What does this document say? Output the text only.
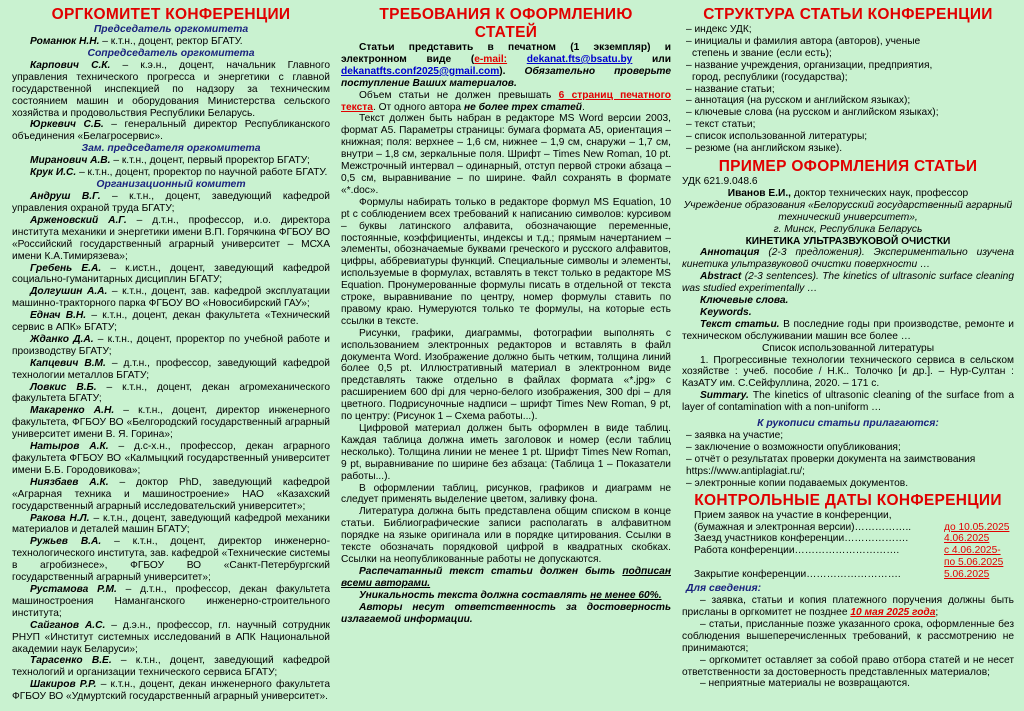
ОРГКОМИТЕТ КОНФЕРЕНЦИИ

Председатель оргкомитета

Романюк Н.Н. – к.т.н., доцент, ректор БГАТУ.

Сопредседатель оргкомитета

Карпович С.К. – к.э.н., доцент, начальник Главного управления технического прогресса и энергетики с главной государственной инспекцией по надзору за техническим состоянием машин и оборудования Министерства сельского хозяйства и продовольствия Республики Беларусь.

Юркевич С.Б. – генеральный директор Республиканского объединения «Белагросервис».

Зам. председателя оргкомитета

Миранович А.В. – к.т.н., доцент, первый проректор БГАТУ;

Крук И.С. – к.т.н., доцент, проректор по научной работе БГАТУ.

Организационный комитет

Андруш В.Г. – к.т.н., доцент, заведующий кафедрой управления охраной труда БГАТУ;

Арженовский А.Г. – д.т.н., профессор, и.о. директора института механики и энергетики имени В.П. Горячкина ФГБОУ ВО «Российский государственный аграрный университет – МСХА имени К.А.Тимирязева»;

Гребень Е.А. – к.ист.н., доцент, заведующий кафедрой социально-гуманитарных дисциплин БГАТУ;

Долгушин А.А. – к.т.н., доцент, зав. кафедрой эксплуатации машинно-тракторного парка ФГБОУ ВО «Новосибирский ГАУ»;

Еднач В.Н. – к.т.н., доцент, декан факультета «Технический сервис в АПК» БГАТУ;

Жданко Д.А. – к.т.н., доцент, проректор по учебной работе и производству БГАТУ;

Капцевич В.М. – д.т.н., профессор, заведующий кафедрой технологии металлов БГАТУ;

Ловкис В.Б. – к.т.н., доцент, декан агромеханического факультета БГАТУ;

Макаренко А.Н. – к.т.н., доцент, директор инженерного факультета, ФГБОУ ВО «Белгородский государственный аграрный университет имени В. Я. Горина»;

Натыров А.К. – д.с-х.н., профессор, декан аграрного факультета ФГБОУ ВО «Калмыцкий государственный университет имени Б.Б. Городовикова»;

Ниязбаев А.К. – доктор PhD, заведующий кафедрой «Аграрная техника и машиностроение» НАО «Казахский государственный аграрный исследовательский университет»;

Ракова Н.Л. – к.т.н., доцент, заведующий кафедрой механики материалов и деталей машин БГАТУ;

Ружьев В.А. – к.т.н., доцент, директор инженерно-технологического института, зав. кафедрой «Технические системы в агробизнесе», ФГБОУ ВО «Санкт-Петербургский государственный аграрный университет»;

Рустамова Р.М. – д.т.н., профессор, декан факультета машиностроения Наманганского инженерно-строительного института;

Сайганов А.С. – д.э.н., профессор, гл. научный сотрудник РНУП «Институт системных исследований в АПК Национальной академии наук Беларуси»;

Тарасенко В.Е. – к.т.н., доцент, заведующий кафедрой технологий и организации технического сервиса БГАТУ;

Шакиров Р.Р. – к.т.н., доцент, декан инженерного факультета ФГБОУ ВО «Удмуртский государственный аграрный университет».

ТРЕБОВАНИЯ К ОФОРМЛЕНИЮ
СТАТЕЙ

Статьи представить в печатном (1 экземпляр) и электронном виде (e-mail: dekanat.fts@bsatu.by или dekanatfts.conf2025@gmail.com). Обязательно проверьте поступление Ваших материалов.

Объем статьи не должен превышать 6 страниц печатного текста. От одного автора не более трех статей.

Текст должен быть набран в редакторе MS Word версии 2003, формат А5. Параметры страницы: бумага формата А5, ориентация – книжная; поля: верхнее – 1,6 см, нижнее – 1,9 см, снаружи – 1,7 см, внутри – 1,8 см, зеркальные поля. Шрифт – Times New Roman, 10 pt. Межстрочный интервал – одинарный, отступ первой строки абзаца – 0,5 см, выравнивание – по ширине. Файл сохранять в формате «*.doc».

Формулы набирать только в редакторе формул MS Equation, 10 pt с соблюдением всех требований к написанию символов: курсивом – буквы латинского алфавита, обозначающие переменные, постоянные, коэффициенты, индексы и т.д.; прямым начертанием – элементы, обозначаемые буквами греческого и русского алфавитов, цифры, аббревиатуры функций. Специальные символы и элементы, используемые в формулах, вставлять в текст только в редакторе MS Equation. Пронумерованные формулы писать в отдельной от текста строке, выравнивание по центру, номер формулы ставить по правому краю. Нумеруются только те формулы, на которые есть ссылки в тексте.

Рисунки, графики, диаграммы, фотографии выполнять с использованием электронных редакторов и вставлять в файл документа Word. Изображение должно быть четким, толщина линий более 0,5 pt. Иллюстративный материал в электронном виде представлять также отдельно в файлах формата «*.jpg» с расширением 600 dpi для черно-белого изображения, 300 dpi – для цветного. Подрисуночные надписи – шрифт Times New Roman, 9 pt, по центру: (Рисунок 1 – Схема работы...).

Цифровой материал должен быть оформлен в виде таблиц. Каждая таблица должна иметь заголовок и номер (если таблиц несколько). Толщина линии не менее 1 pt. Шрифт Times New Roman, 9 pt, выравнивание по ширине без абзаца: (Таблица 1 – Показатели работы...).

В оформлении таблиц, рисунков, графиков и диаграмм не следует применять выделение цветом, заливку фона.

Литература должна быть представлена общим списком в конце статьи. Библиографические записи располагать в алфавитном порядке на языке оригинала или в порядке цитирования. Ссылки в тексте обозначать порядковой цифрой в квадратных скобках. Ссылки на неопубликованные работы не допускаются.

Распечатанный текст статьи должен быть подписан всеми авторами.

Уникальность текста должна составлять не менее 60%.

Авторы несут ответственность за достоверность излагаемой информации.

СТРУКТУРА СТАТЬИ КОНФЕРЕНЦИИ

– индекс УДК;

– инициалы и фамилия автора (авторов), ученые

степень и звание (если есть);

– название учреждения, организации, предприятия,

город, республики (государства);

– название статьи;

– аннотация (на русском и английском языках);

– ключевые слова (на русском и английском языках);

– текст статьи;

– список использованной литературы;

– резюме (на английском языке).

ПРИМЕР ОФОРМЛЕНИЯ СТАТЬИ

УДК 621.9.048.6

Иванов Е.И., доктор технических наук, профессор

Учреждение образования «Белорусский государственный аграрный технический университет»,

г. Минск, Республика Беларусь

КИНЕТИКА УЛЬТРАЗВУКОВОЙ ОЧИСТКИ

Аннотация (2-3 предложения). Экспериментально изучена кинетика ультразвуковой очистки поверхности …

Abstract (2-3 sentences). The kinetics of ultrasonic surface cleaning was studied experimentally …

Ключевые слова.

Keywords.

Текст статьи. В последние годы при производстве, ремонте и техническом обслуживании машин все более …

Список использованной литературы

1. Прогрессивные технологии технического сервиса в сельском хозяйстве : учеб. пособие / Н.К.. Толочко [и др.]. – Нур-Султан : КазАТУ им. С.Сейфуллина, 2020. – 171 с.

Summary. The kinetics of ultrasonic cleaning of the surface from a layer of contamination with a non-uniform …

К рукописи статьи прилагаются:

– заявка на участие;

– заключение о возможности опубликования;

– отчёт о результатах проверки документа на заимствования https://www.antiplagiat.ru/;

– электронные копии подаваемых документов.

КОНТРОЛЬНЫЕ ДАТЫ КОНФЕРЕНЦИИ
Прием заявок на участие в конференции,	
(бумажная и электронная версии)……………..	до 10.05.2025
Заезд участников конференции……………….	4.06.2025
Работа конференции………………………….	с 4.06.2025-
	по 5.06.2025
Закрытие конференции……………………….	5.06.2025

Для сведения:

– заявка, статьи и копия платежного поручения должны быть присланы в оргкомитет не позднее 10 мая 2025 года;

– статьи, присланные позже указанного срока, оформленные без соблюдения вышеперечисленных требований, к рассмотрению не принимаются;

– оргкомитет оставляет за собой право отбора статей и не несет ответственности за достоверность представленных материалов;

– неприятные материалы не возвращаются.
